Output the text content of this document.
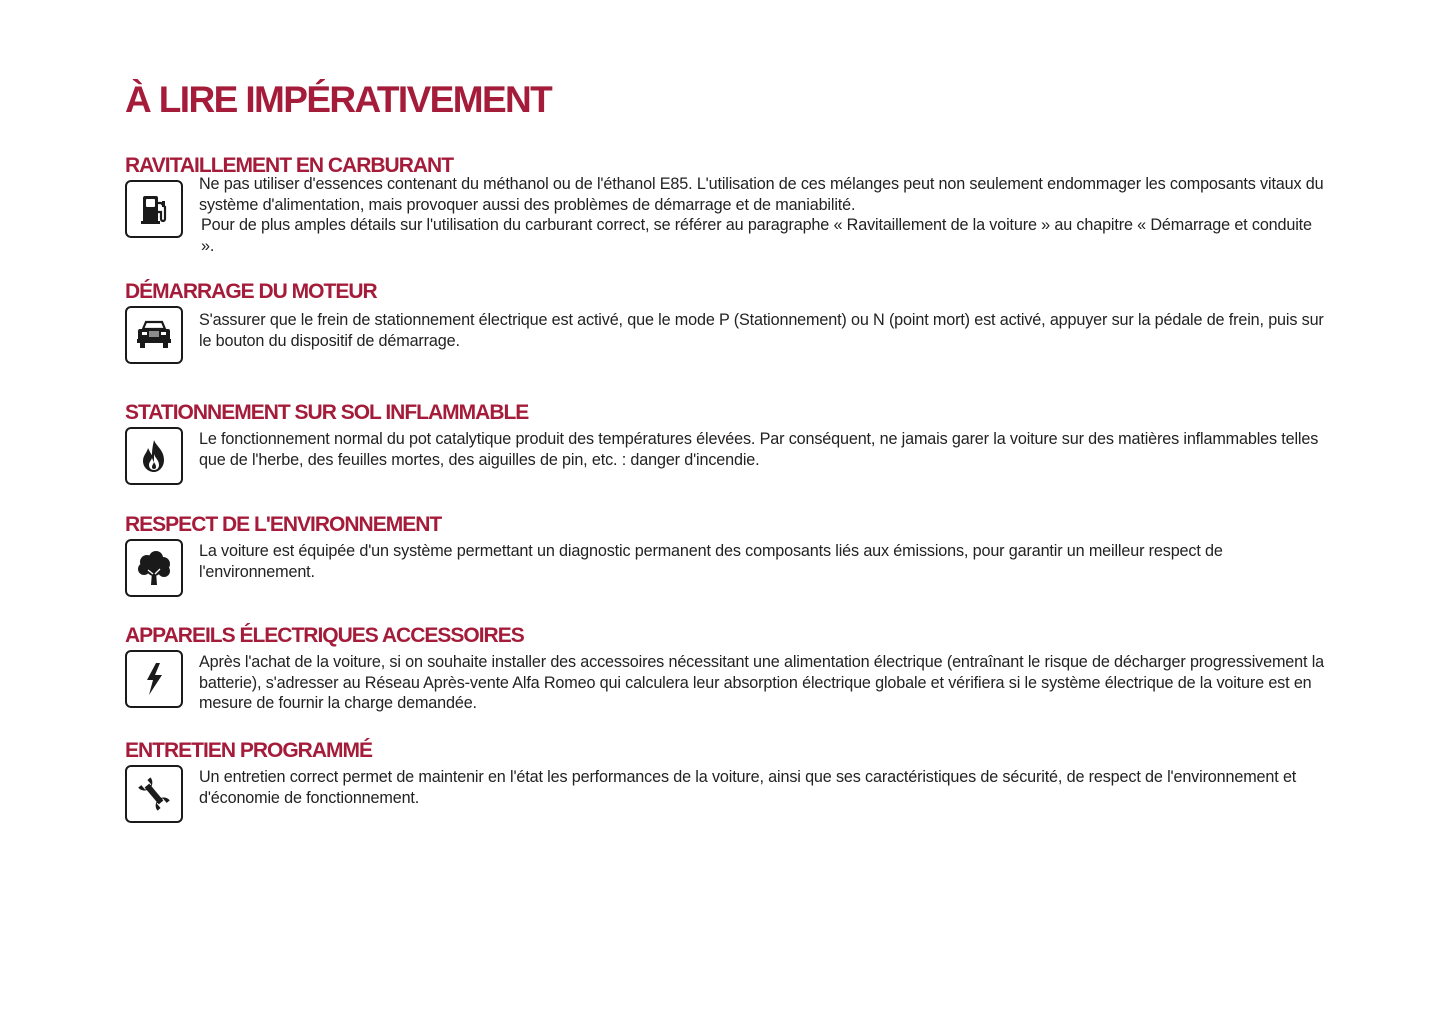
À LIRE IMPÉRATIVEMENT
RAVITAILLEMENT EN CARBURANT

Ne pas utiliser d'essences contenant du méthanol ou de l'éthanol E85. L'utilisation de ces mélanges peut non seulement endommager les composants vitaux du système d'alimentation, mais provoquer aussi des problèmes de démarrage et de maniabilité.

Pour de plus amples détails sur l'utilisation du carburant correct, se référer au paragraphe « Ravitaillement de la voiture » au chapitre « Démarrage et conduite ».

DÉMARRAGE DU MOTEUR

S'assurer que le frein de stationnement électrique est activé, que le mode P (Stationnement) ou N (point mort) est activé, appuyer sur la pédale de frein, puis sur le bouton du dispositif de démarrage.

STATIONNEMENT SUR SOL INFLAMMABLE

Le fonctionnement normal du pot catalytique produit des températures élevées. Par conséquent, ne jamais garer la voiture sur des matières inflammables telles que de l'herbe, des feuilles mortes, des aiguilles de pin, etc. : danger d'incendie.

RESPECT DE L'ENVIRONNEMENT

La voiture est équipée d'un système permettant un diagnostic permanent des composants liés aux émissions, pour garantir un meilleur respect de l'environnement.

APPAREILS ÉLECTRIQUES ACCESSOIRES

Après l'achat de la voiture, si on souhaite installer des accessoires nécessitant une alimentation électrique (entraînant le risque de décharger progressivement la batterie), s'adresser au Réseau Après-vente Alfa Romeo qui calculera leur absorption électrique globale et vérifiera si le système électrique de la voiture est en mesure de fournir la charge demandée.

ENTRETIEN PROGRAMMÉ

Un entretien correct permet de maintenir en l'état les performances de la voiture, ainsi que ses caractéristiques de sécurité, de respect de l'environnement et d'économie de fonctionnement.
